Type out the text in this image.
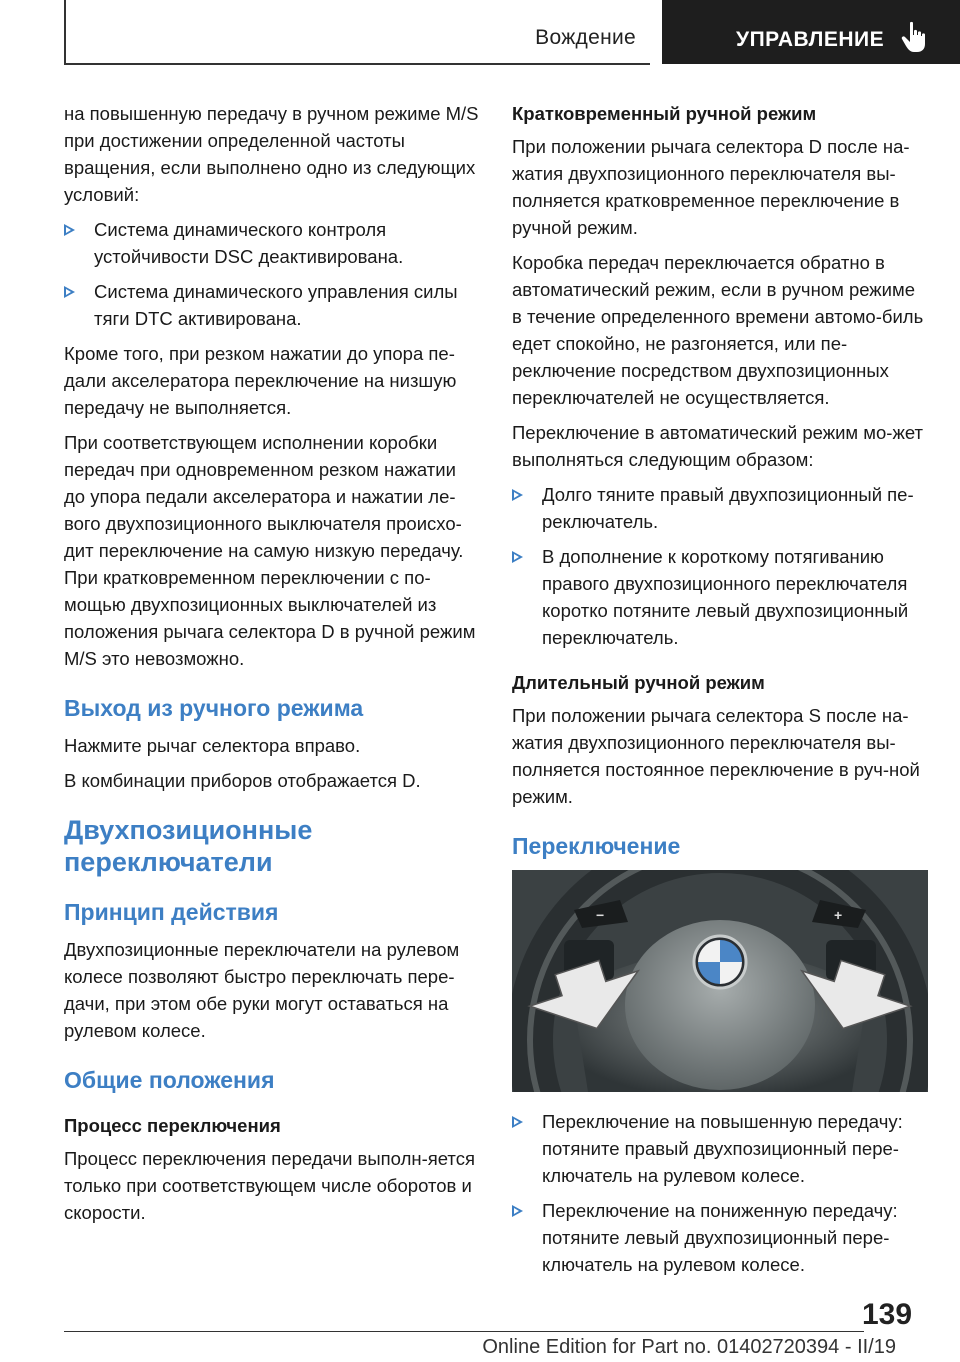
Вождение	УПРАВЛЕНИЕ

на повышенную передачу в ручном режиме M/S при достижении определенной частоты вращения, если выполнено одно из следующих условий:

Система динамического контроля устойчивости DSC деактивирована.
Система динамического управления силы тяги DTC активирована.

Кроме того, при резком нажатии до упора пе-дали акселератора переключение на низшую передачу не выполняется.

При соответствующем исполнении коробки передач при одновременном резком нажатии до упора педали акселератора и нажатии ле-вого двухпозиционного выключателя происхо-дит переключение на самую низкую передачу. При кратковременном переключении с по-мощью двухпозиционных выключателей из положения рычага селектора D в ручной режим M/S это невозможно.

Выход из ручного режима

Нажмите рычаг селектора вправо.

В комбинации приборов отображается D.

Двухпозиционные переключатели
Принцип действия

Двухпозиционные переключатели на рулевом колесе позволяют быстро переключать пере-дачи, при этом обе руки могут оставаться на рулевом колесе.

Общие положения
Процесс переключения

Процесс переключения передачи выполн-яется только при соответствующем числе оборотов и скорости.

Кратковременный ручной режим

При положении рычага селектора D после на-жатия двухпозиционного переключателя вы-полняется кратковременное переключение в ручной режим.

Коробка передач переключается обратно в автоматический режим, если в ручном режиме в течение определенного времени автомо-биль едет спокойно, не разгоняется, или пе-реключение посредством двухпозиционных переключателей не осуществляется.

Переключение в автоматический режим мо-жет выполняться следующим образом:

Долго тяните правый двухпозиционный пе-реключатель.
В дополнение к короткому потягиванию правого двухпозиционного переключателя коротко потяните левый двухпозиционный переключатель.
Длительный ручной режим

При положении рычага селектора S после на-жатия двухпозиционного переключателя вы-полняется постоянное переключение в руч-ной режим.

Переключение
−	+
Переключение на повышенную передачу: потяните правый двухпозиционный пере-ключатель на рулевом колесе.
Переключение на пониженную передачу: потяните левый двухпозиционный пере-ключатель на рулевом колесе.
139
Online Edition for Part no. 01402720394 - II/19
